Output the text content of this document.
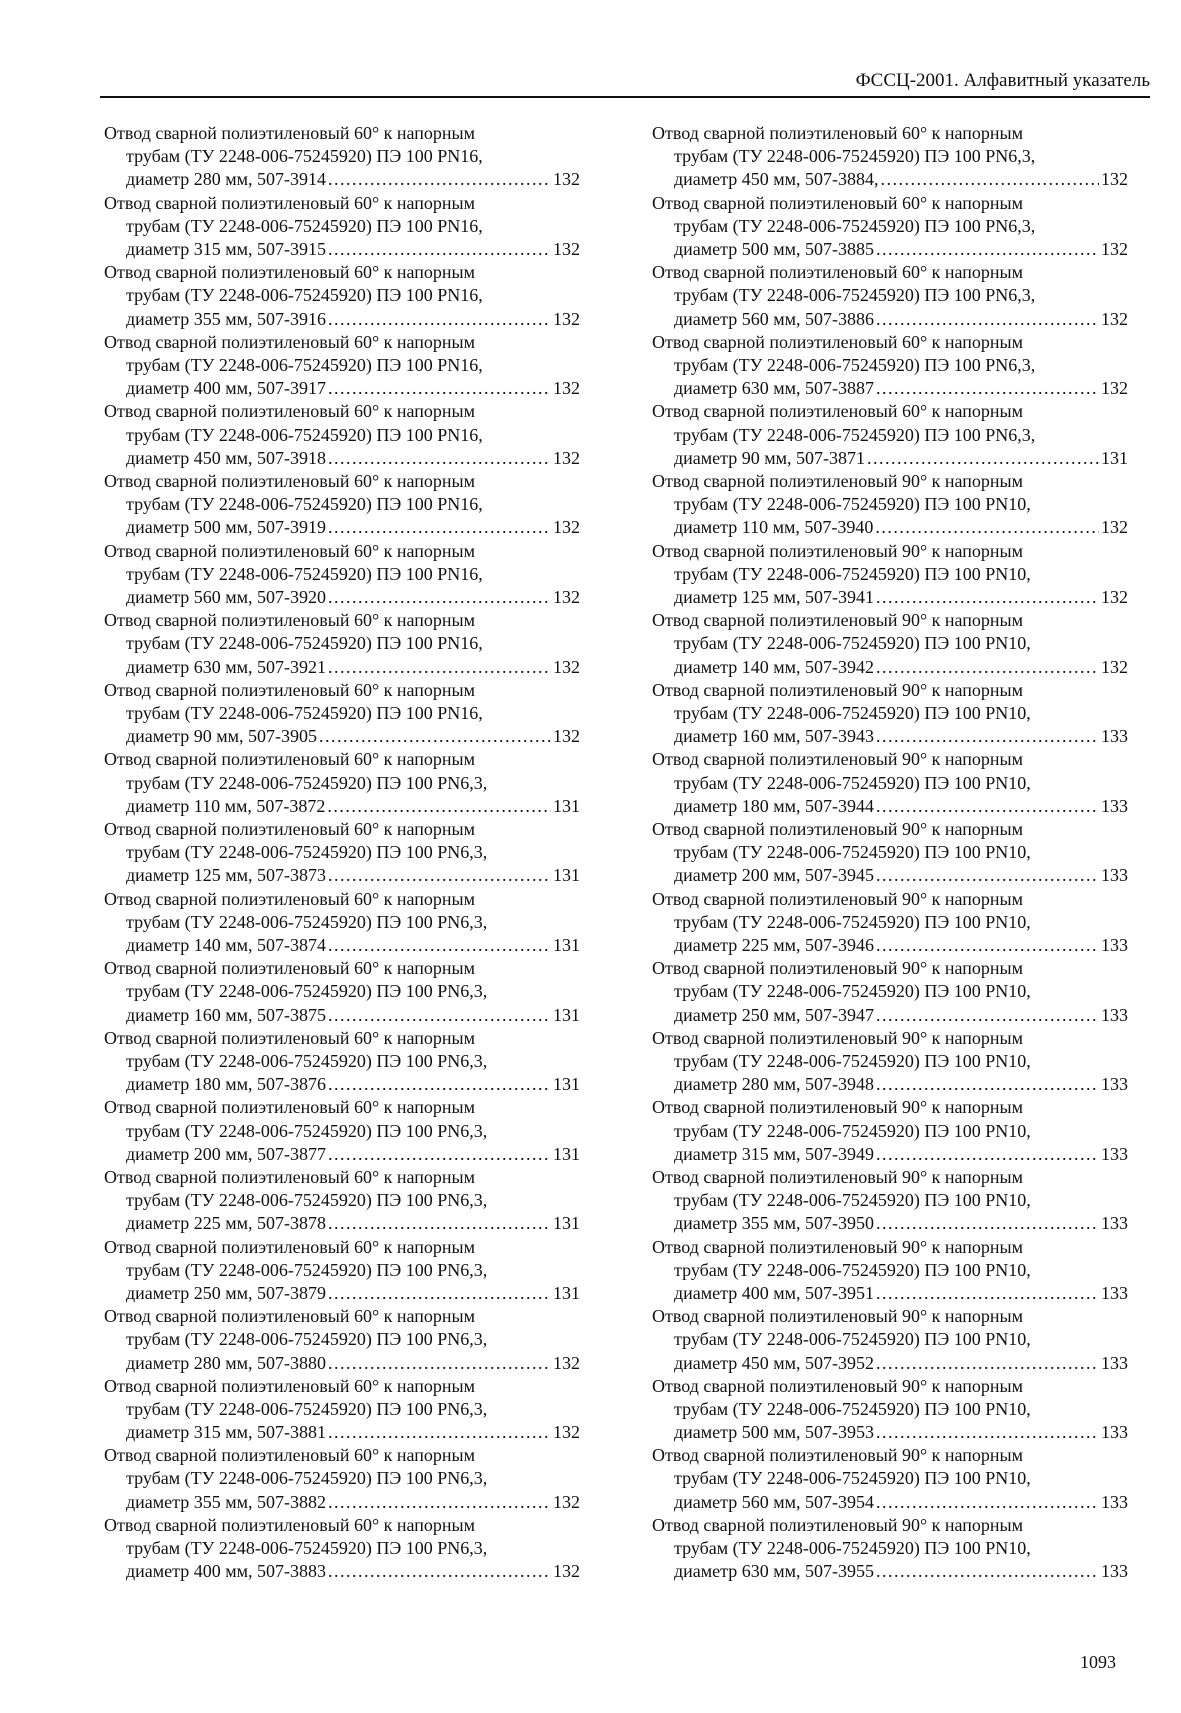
ФССЦ-2001. Алфавитный указатель
Отвод сварной полиэтиленовый 60° к напорным
трубам (ТУ 2248-006-75245920) ПЭ 100 PN16,
диаметр 280 мм, 507-3914 . . .	132
Отвод сварной полиэтиленовый 60° к напорным
трубам (ТУ 2248-006-75245920) ПЭ 100 PN16,
диаметр 315 мм, 507-3915 . . .	132
Отвод сварной полиэтиленовый 60° к напорным
трубам (ТУ 2248-006-75245920) ПЭ 100 PN16,
диаметр 355 мм, 507-3916 . . .	132
Отвод сварной полиэтиленовый 60° к напорным
трубам (ТУ 2248-006-75245920) ПЭ 100 PN16,
диаметр 400 мм, 507-3917 . . .	132
Отвод сварной полиэтиленовый 60° к напорным
трубам (ТУ 2248-006-75245920) ПЭ 100 PN16,
диаметр 450 мм, 507-3918 . . .	132
Отвод сварной полиэтиленовый 60° к напорным
трубам (ТУ 2248-006-75245920) ПЭ 100 PN16,
диаметр 500 мм, 507-3919 . . .	132
Отвод сварной полиэтиленовый 60° к напорным
трубам (ТУ 2248-006-75245920) ПЭ 100 PN16,
диаметр 560 мм, 507-3920 . . .	132
Отвод сварной полиэтиленовый 60° к напорным
трубам (ТУ 2248-006-75245920) ПЭ 100 PN16,
диаметр 630 мм, 507-3921 . . .	132
Отвод сварной полиэтиленовый 60° к напорным
трубам (ТУ 2248-006-75245920) ПЭ 100 PN16,
диаметр 90 мм, 507-3905 . . .	132
Отвод сварной полиэтиленовый 60° к напорным
трубам (ТУ 2248-006-75245920) ПЭ 100 PN6,3,
диаметр 110 мм, 507-3872 . . .	131
Отвод сварной полиэтиленовый 60° к напорным
трубам (ТУ 2248-006-75245920) ПЭ 100 PN6,3,
диаметр 125 мм, 507-3873 . . .	131
Отвод сварной полиэтиленовый 60° к напорным
трубам (ТУ 2248-006-75245920) ПЭ 100 PN6,3,
диаметр 140 мм, 507-3874 . . .	131
Отвод сварной полиэтиленовый 60° к напорным
трубам (ТУ 2248-006-75245920) ПЭ 100 PN6,3,
диаметр 160 мм, 507-3875 . . .	131
Отвод сварной полиэтиленовый 60° к напорным
трубам (ТУ 2248-006-75245920) ПЭ 100 PN6,3,
диаметр 180 мм, 507-3876 . . .	131
Отвод сварной полиэтиленовый 60° к напорным
трубам (ТУ 2248-006-75245920) ПЭ 100 PN6,3,
диаметр 200 мм, 507-3877 . . .	131
Отвод сварной полиэтиленовый 60° к напорным
трубам (ТУ 2248-006-75245920) ПЭ 100 PN6,3,
диаметр 225 мм, 507-3878 . . .	131
Отвод сварной полиэтиленовый 60° к напорным
трубам (ТУ 2248-006-75245920) ПЭ 100 PN6,3,
диаметр 250 мм, 507-3879 . . .	131
Отвод сварной полиэтиленовый 60° к напорным
трубам (ТУ 2248-006-75245920) ПЭ 100 PN6,3,
диаметр 280 мм, 507-3880 . . .	132
Отвод сварной полиэтиленовый 60° к напорным
трубам (ТУ 2248-006-75245920) ПЭ 100 PN6,3,
диаметр 315 мм, 507-3881 . . .	132
Отвод сварной полиэтиленовый 60° к напорным
трубам (ТУ 2248-006-75245920) ПЭ 100 PN6,3,
диаметр 355 мм, 507-3882 . . .	132
Отвод сварной полиэтиленовый 60° к напорным
трубам (ТУ 2248-006-75245920) ПЭ 100 PN6,3,
диаметр 400 мм, 507-3883 . . .	132
Отвод сварной полиэтиленовый 60° к напорным
трубам (ТУ 2248-006-75245920) ПЭ 100 PN6,3,
диаметр 450 мм, 507-3884, . . .	132
Отвод сварной полиэтиленовый 60° к напорным
трубам (ТУ 2248-006-75245920) ПЭ 100 PN6,3,
диаметр 500 мм, 507-3885 . . .	132
Отвод сварной полиэтиленовый 60° к напорным
трубам (ТУ 2248-006-75245920) ПЭ 100 PN6,3,
диаметр 560 мм, 507-3886 . . .	132
Отвод сварной полиэтиленовый 60° к напорным
трубам (ТУ 2248-006-75245920) ПЭ 100 PN6,3,
диаметр 630 мм, 507-3887 . . .	132
Отвод сварной полиэтиленовый 60° к напорным
трубам (ТУ 2248-006-75245920) ПЭ 100 PN6,3,
диаметр 90 мм, 507-3871 . . .	131
Отвод сварной полиэтиленовый 90° к напорным
трубам (ТУ 2248-006-75245920) ПЭ 100 PN10,
диаметр 110 мм, 507-3940 . . .	132
Отвод сварной полиэтиленовый 90° к напорным
трубам (ТУ 2248-006-75245920) ПЭ 100 PN10,
диаметр 125 мм, 507-3941 . . .	132
Отвод сварной полиэтиленовый 90° к напорным
трубам (ТУ 2248-006-75245920) ПЭ 100 PN10,
диаметр 140 мм, 507-3942 . . .	132
Отвод сварной полиэтиленовый 90° к напорным
трубам (ТУ 2248-006-75245920) ПЭ 100 PN10,
диаметр 160 мм, 507-3943 . . .	133
Отвод сварной полиэтиленовый 90° к напорным
трубам (ТУ 2248-006-75245920) ПЭ 100 PN10,
диаметр 180 мм, 507-3944 . . .	133
Отвод сварной полиэтиленовый 90° к напорным
трубам (ТУ 2248-006-75245920) ПЭ 100 PN10,
диаметр 200 мм, 507-3945 . . .	133
Отвод сварной полиэтиленовый 90° к напорным
трубам (ТУ 2248-006-75245920) ПЭ 100 PN10,
диаметр 225 мм, 507-3946 . . .	133
Отвод сварной полиэтиленовый 90° к напорным
трубам (ТУ 2248-006-75245920) ПЭ 100 PN10,
диаметр 250 мм, 507-3947 . . .	133
Отвод сварной полиэтиленовый 90° к напорным
трубам (ТУ 2248-006-75245920) ПЭ 100 PN10,
диаметр 280 мм, 507-3948 . . .	133
Отвод сварной полиэтиленовый 90° к напорным
трубам (ТУ 2248-006-75245920) ПЭ 100 PN10,
диаметр 315 мм, 507-3949 . . .	133
Отвод сварной полиэтиленовый 90° к напорным
трубам (ТУ 2248-006-75245920) ПЭ 100 PN10,
диаметр 355 мм, 507-3950 . . .	133
Отвод сварной полиэтиленовый 90° к напорным
трубам (ТУ 2248-006-75245920) ПЭ 100 PN10,
диаметр 400 мм, 507-3951 . . .	133
Отвод сварной полиэтиленовый 90° к напорным
трубам (ТУ 2248-006-75245920) ПЭ 100 PN10,
диаметр 450 мм, 507-3952 . . .	133
Отвод сварной полиэтиленовый 90° к напорным
трубам (ТУ 2248-006-75245920) ПЭ 100 PN10,
диаметр 500 мм, 507-3953 . . .	133
Отвод сварной полиэтиленовый 90° к напорным
трубам (ТУ 2248-006-75245920) ПЭ 100 PN10,
диаметр 560 мм, 507-3954 . . .	133
Отвод сварной полиэтиленовый 90° к напорным
трубам (ТУ 2248-006-75245920) ПЭ 100 PN10,
диаметр 630 мм, 507-3955 . . .	133
1093
